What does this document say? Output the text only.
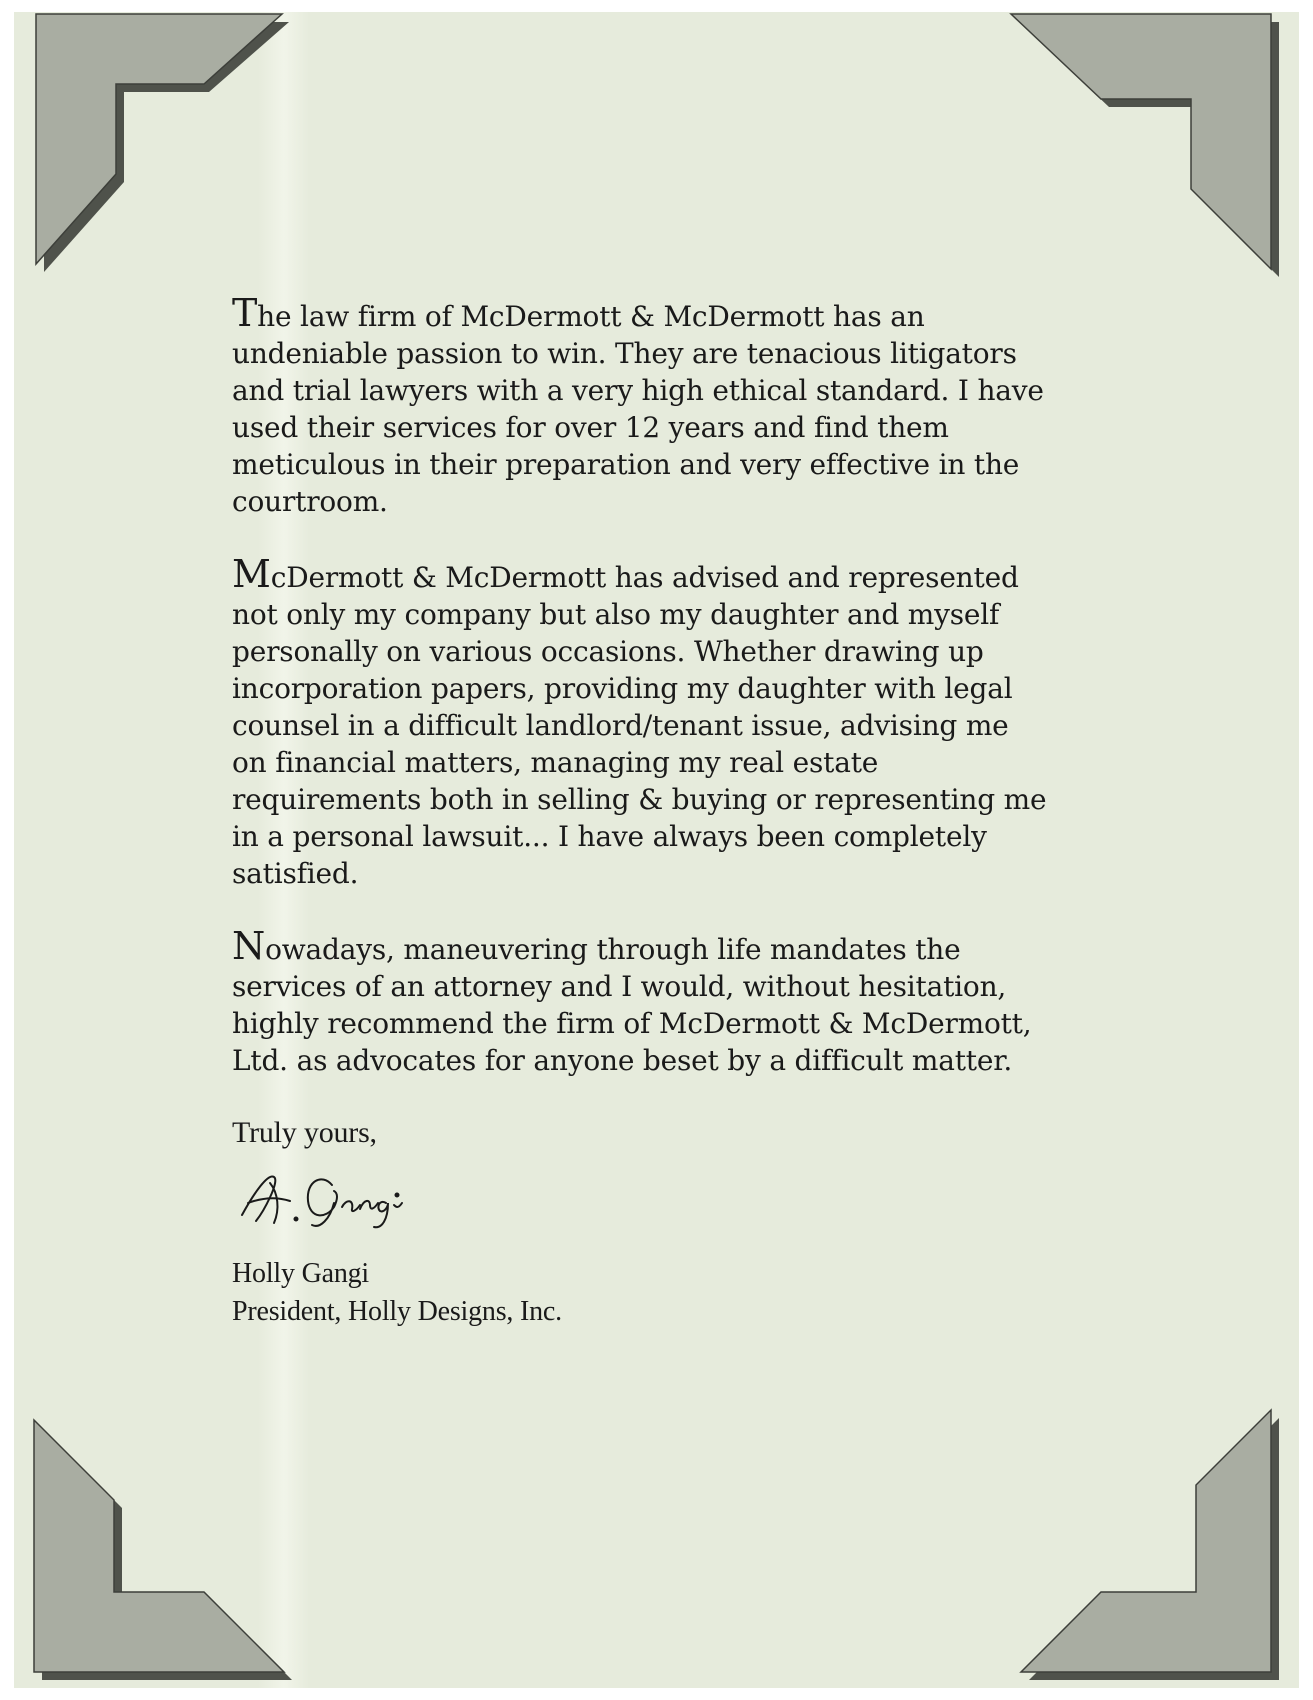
The law firm of McDermott & McDermott has an
undeniable passion to win. They are tenacious litigators
and trial lawyers with a very high ethical standard. I have
used their services for over 12 years and find them
meticulous in their preparation and very effective in the
courtroom.

McDermott & McDermott has advised and represented
not only my company but also my daughter and myself
personally on various occasions. Whether drawing up
incorporation papers, providing my daughter with legal
counsel in a difficult landlord/tenant issue, advising me
on financial matters, managing my real estate
requirements both in selling & buying or representing me
in a personal lawsuit... I have always been completely
satisfied.

Nowadays, maneuvering through life mandates the
services of an attorney and I would, without hesitation,
highly recommend the firm of McDermott & McDermott,
Ltd. as advocates for anyone beset by a difficult matter.

Truly yours,
Holly Gangi
President, Holly Designs, Inc.
